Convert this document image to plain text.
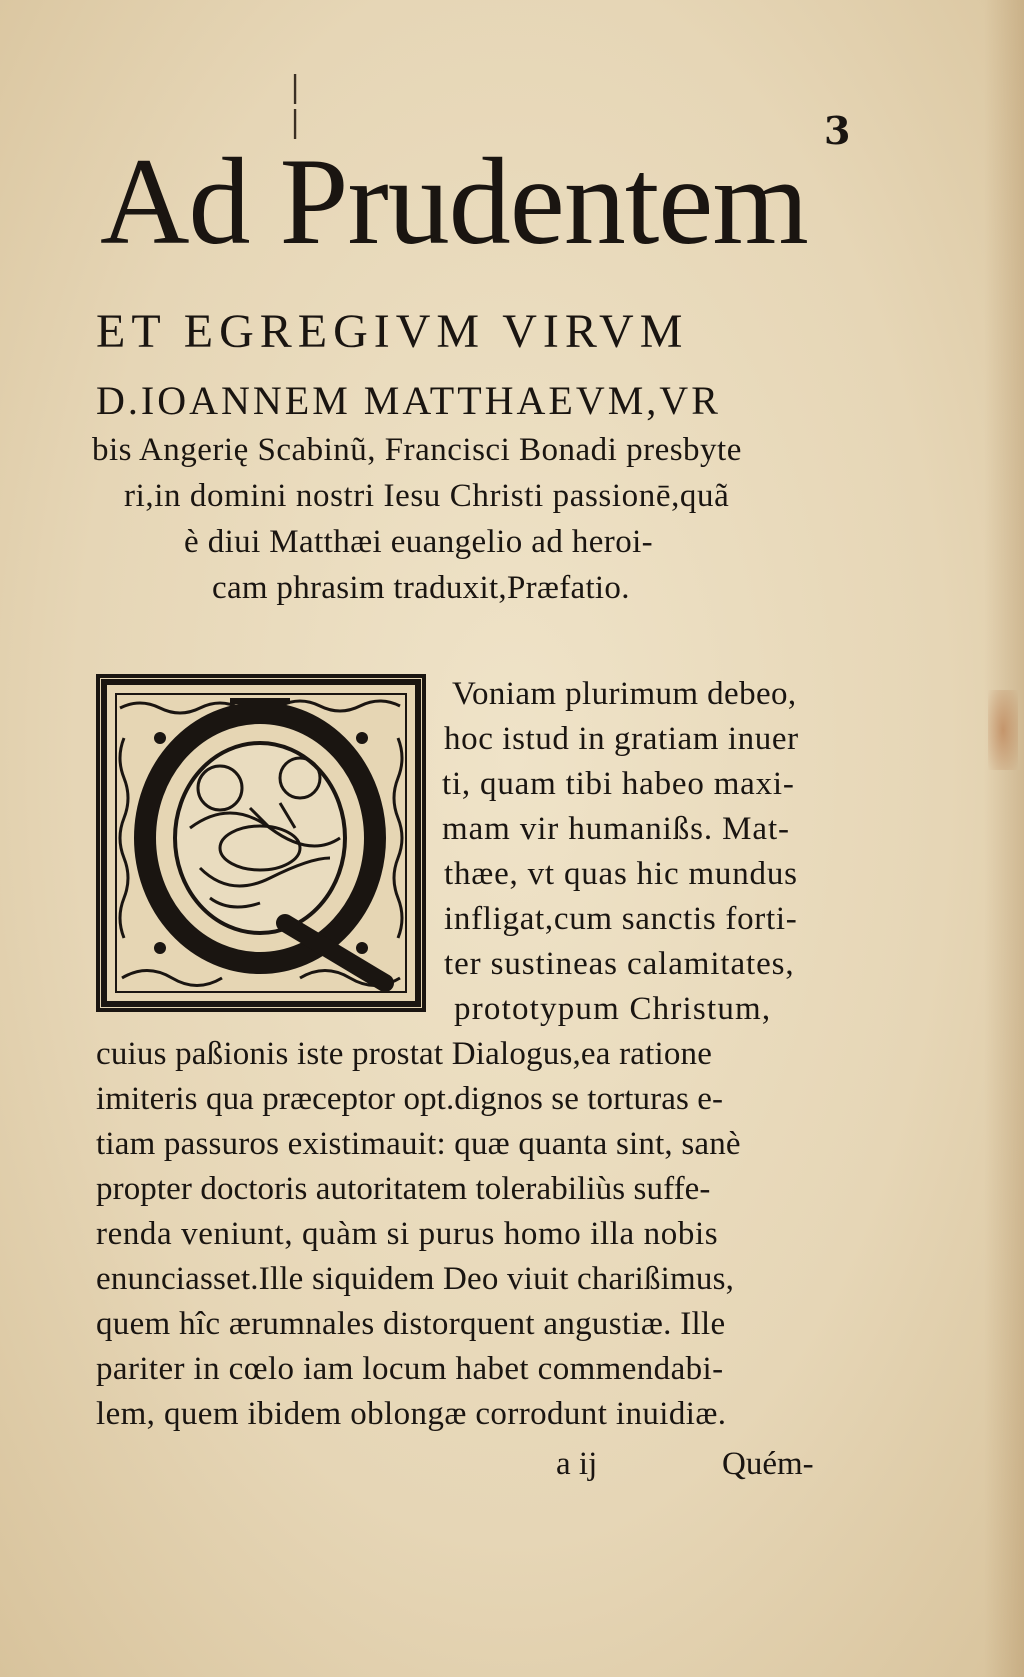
| |	3
Ad Prudentem
ET EGREGIVM VIRVM
D.IOANNEM MATTHAEVM,VR
bis Angerię Scabinũ, Francisci Bonadi presbyte
ri,in domini nostri Iesu Christi passionē,quã
è diui Matthæi euangelio ad heroi-
cam phrasim traduxit,Præfatio.
Voniam plurimum debeo,
hoc istud in gratiam inuer
ti, quam tibi habeo maxi-
mam vir humanißs. Mat-
thæe, vt quas hic mundus
infligat,cum sanctis forti-
ter sustineas calamitates,
prototypum Christum,
cuius paßionis iste prostat Dialogus,ea ratione
imiteris qua præceptor opt.dignos se torturas e-
tiam passuros existimauit: quæ quanta sint, sanè
propter doctoris autoritatem tolerabiliùs suffe-
renda veniunt, quàm si purus homo illa nobis
enunciasset.Ille siquidem Deo viuit charißimus,
quem hîc ærumnales distorquent angustiæ. Ille
pariter in cœlo iam locum habet commendabi-
lem, quem ibidem oblongæ corrodunt inuidiæ.
a ij	Quém-
